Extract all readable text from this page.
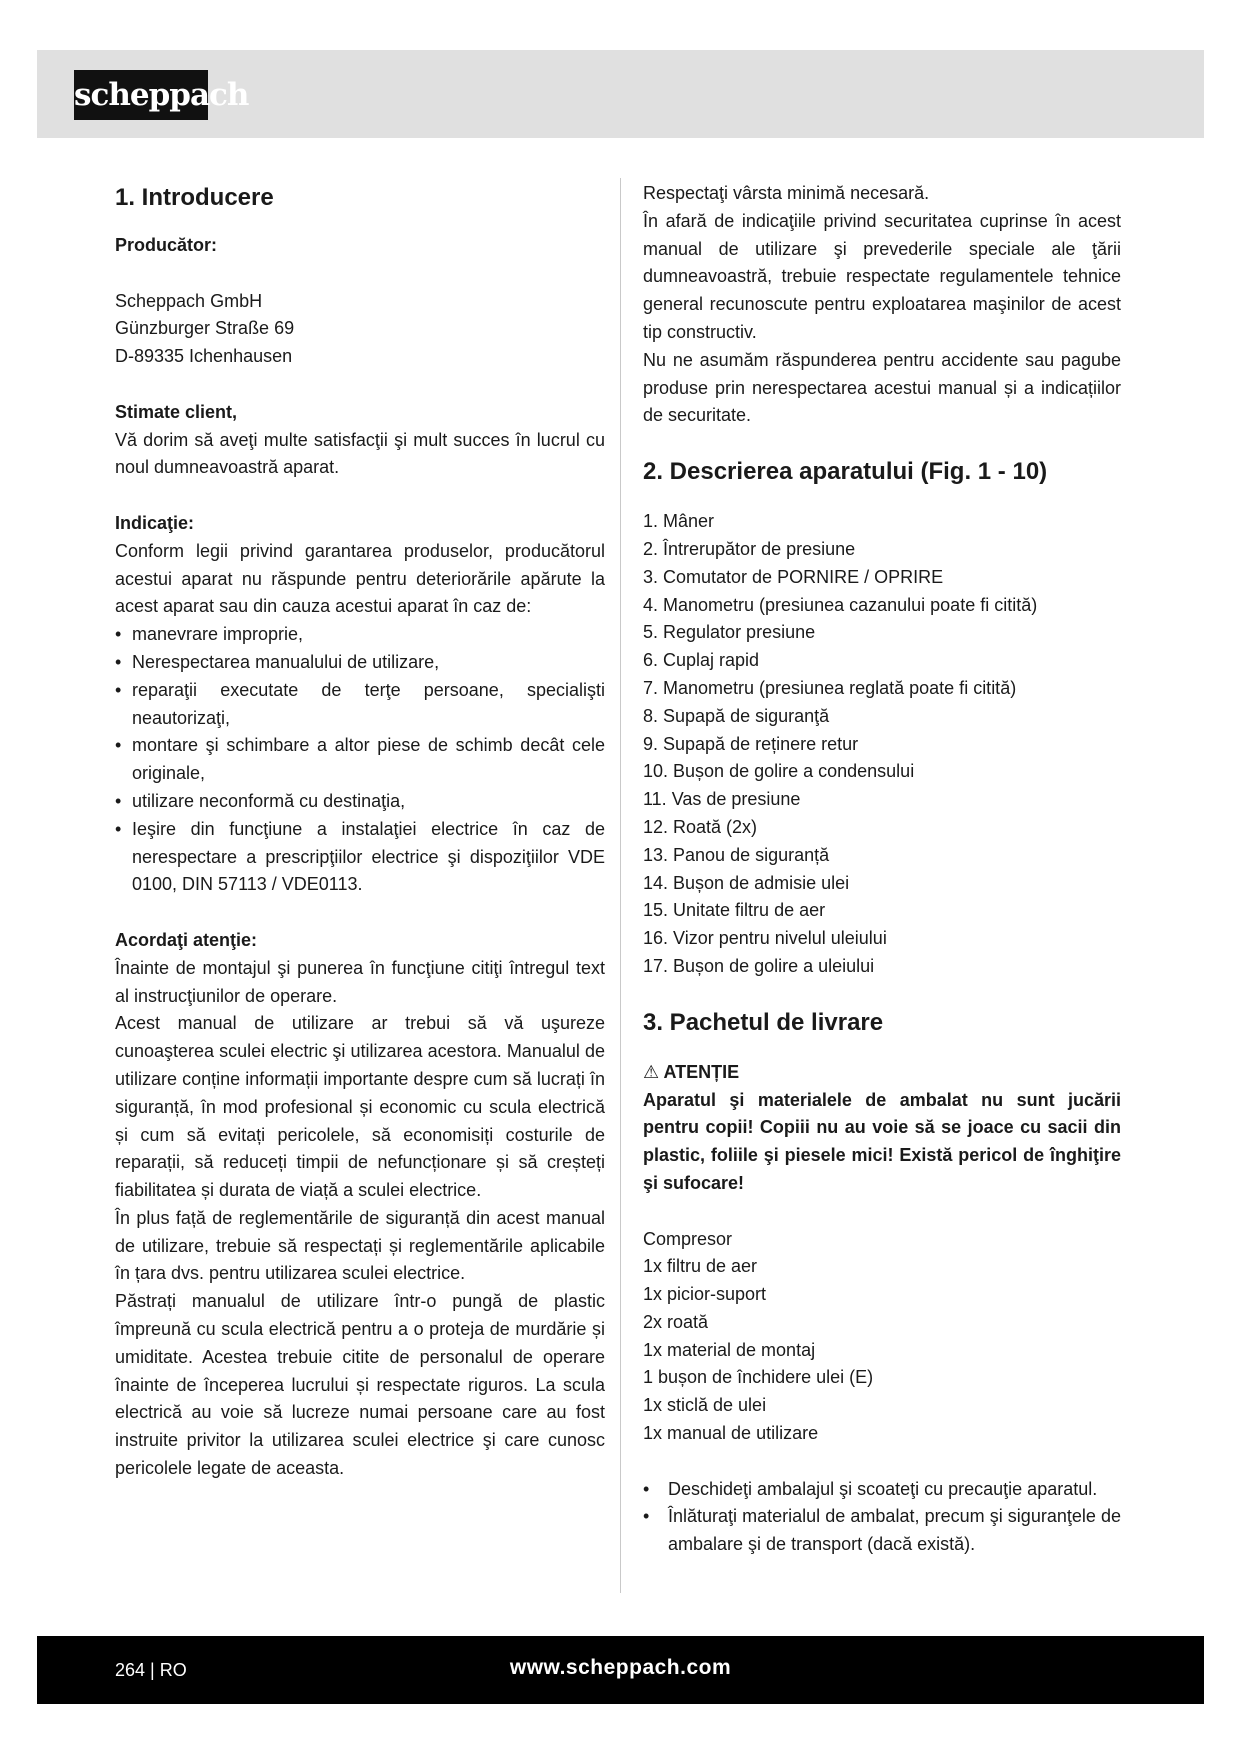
scheppach
1. Introducere

Producător:

Scheppach GmbH

Günzburger Straße 69

D-89335 Ichenhausen

Stimate client,

Vă dorim să aveţi multe satisfacţii şi mult succes în lucrul cu noul dumneavoastră aparat.

Indicaţie:

Conform legii privind garantarea produselor, producătorul acestui aparat nu răspunde pentru deteriorările apărute la acest aparat sau din cauza acestui aparat în caz de:

• manevrare improprie,
• Nerespectarea manualului de utilizare,
• reparaţii executate de terţe persoane, specialişti neautorizaţi,
• montare şi schimbare a altor piese de schimb decât cele originale,
• utilizare neconformă cu destinaţia,
• Ieşire din funcţiune a instalaţiei electrice în caz de nerespectare a prescripţiilor electrice şi dispoziţiilor VDE 0100, DIN 57113 / VDE0113.

Acordaţi atenţie:

Înainte de montajul şi punerea în funcţiune citiţi întregul text al instrucţiunilor de operare.
Acest manual de utilizare ar trebui să vă uşureze cunoaşterea sculei electric şi utilizarea acestora. Manualul de utilizare conține informații importante despre cum să lucrați în siguranță, în mod profesional și economic cu scula electrică și cum să evitați pericolele, să economisiți costurile de reparații, să reduceți timpii de nefuncționare și să creșteți fiabilitatea și durata de viață a sculei electrice.
În plus față de reglementările de siguranță din acest manual de utilizare, trebuie să respectați și reglementările aplicabile în țara dvs. pentru utilizarea sculei electrice.
Păstrați manualul de utilizare într-o pungă de plastic împreună cu scula electrică pentru a o proteja de murdărie și umiditate. Acestea trebuie citite de personalul de operare înainte de începerea lucrului și respectate riguros. La scula electrică au voie să lucreze numai persoane care au fost instruite privitor la utilizarea sculei electrice şi care cunosc pericolele legate de aceasta.

Respectaţi vârsta minimă necesară.
În afară de indicaţiile privind securitatea cuprinse în acest manual de utilizare şi prevederile speciale ale ţării dumneavoastră, trebuie respectate regulamentele tehnice general recunoscute pentru exploatarea maşinilor de acest tip constructiv.
Nu ne asumăm răspunderea pentru accidente sau pagube produse prin nerespectarea acestui manual și a indicațiilor de securitate.

2. Descrierea aparatului (Fig. 1 - 10)
1. Mâner
2. Întrerupător de presiune
3. Comutator de PORNIRE / OPRIRE
4. Manometru (presiunea cazanului poate fi citită)
5. Regulator presiune
6. Cuplaj rapid
7. Manometru (presiunea reglată poate fi citită)
8. Supapă de siguranţă
9. Supapă de reținere retur
10. Bușon de golire a condensului
11. Vas de presiune
12. Roată (2x)
13. Panou de siguranță
14. Bușon de admisie ulei
15. Unitate filtru de aer
16. Vizor pentru nivelul uleiului
17. Bușon de golire a uleiului
3. Pachetul de livrare

⚠ ATENȚIE

Aparatul şi materialele de ambalat nu sunt jucării pentru copii! Copiii nu au voie să se joace cu sacii din plastic, foliile şi piesele mici! Există pericol de înghiţire şi sufocare!

Compresor

1x filtru de aer

1x picior-suport

2x roată

1x material de montaj

1 bușon de închidere ulei (E)

1x sticlă de ulei

1x manual de utilizare

• Deschideţi ambalajul şi scoateţi cu precauţie aparatul.
• Înlăturaţi materialul de ambalat, precum şi siguranţele de ambalare şi de transport (dacă există).
264 | RO	www.scheppach.com
